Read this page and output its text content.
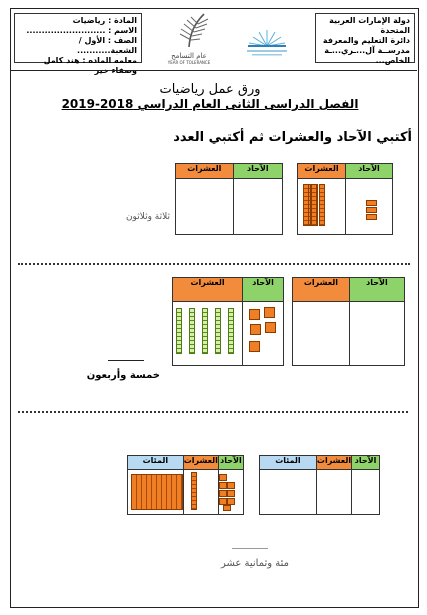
دولة الإمارات العربية
المتحدة
دائرة التعليم والمعرفة
مدرســة آل...ـري...ـة الخاص...
المادة : رياضيات
الاسم : ..........................
الصف : الأول / الشعبة...........
معلمه الماده : هند كامل وصفاء خير
عام التسامح
YEAR OF TOLERANCE
ورق عمل رياضيات
الفصل الدراسى الثانى العام الدراسي 2018-2019
أكتبي الآحاد والعشرات ثم أكتبي العدد
الآحاد	العشرات

الآحاد	العشرات

ثلاثة وثلاثون
الآحاد	العشرات

الآحاد	العشرات

خمسة وأربعون
الآحاد	العشرات	المئات

الآحاد	العشرات	المئات

مئة وثمانية عشر
